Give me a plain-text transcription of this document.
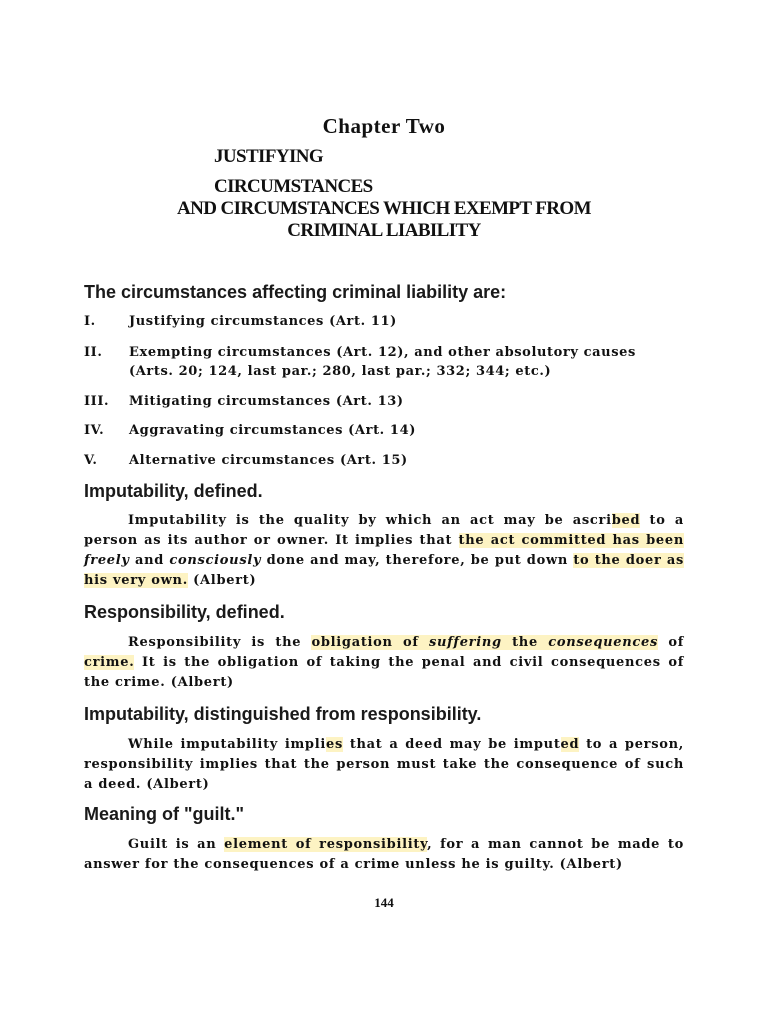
Chapter Two
JUSTIFYING
CIRCUMSTANCES
AND CIRCUMSTANCES WHICH EXEMPT FROM
CRIMINAL LIABILITY
The circumstances affecting criminal liability are:
I.	Justifying circumstances (Art. 11)
II. Exempting circumstances (Art. 12), and other absolutory causes (Arts. 20; 124, last par.; 280, last par.; 332; 344; etc.)
III. Mitigating circumstances (Art. 13)
IV. Aggravating circumstances (Art. 14)
V. Alternative circumstances (Art. 15)
Imputability, defined.
Imputability is the quality by which an act may be ascribed to a person as its author or owner. It implies that the act committed has been freely and consciously done and may, therefore, be put down to the doer as his very own. (Albert)
Responsibility, defined.
Responsibility is the obligation of suffering the consequences of crime. It is the obligation of taking the penal and civil consequences of the crime. (Albert)
Imputability, distinguished from responsibility.
While imputability implies that a deed may be imputed to a person, responsibility implies that the person must take the consequence of such a deed. (Albert)
Meaning of "guilt."
Guilt is an element of responsibility, for a man cannot be made to answer for the consequences of a crime unless he is guilty. (Albert)
144
